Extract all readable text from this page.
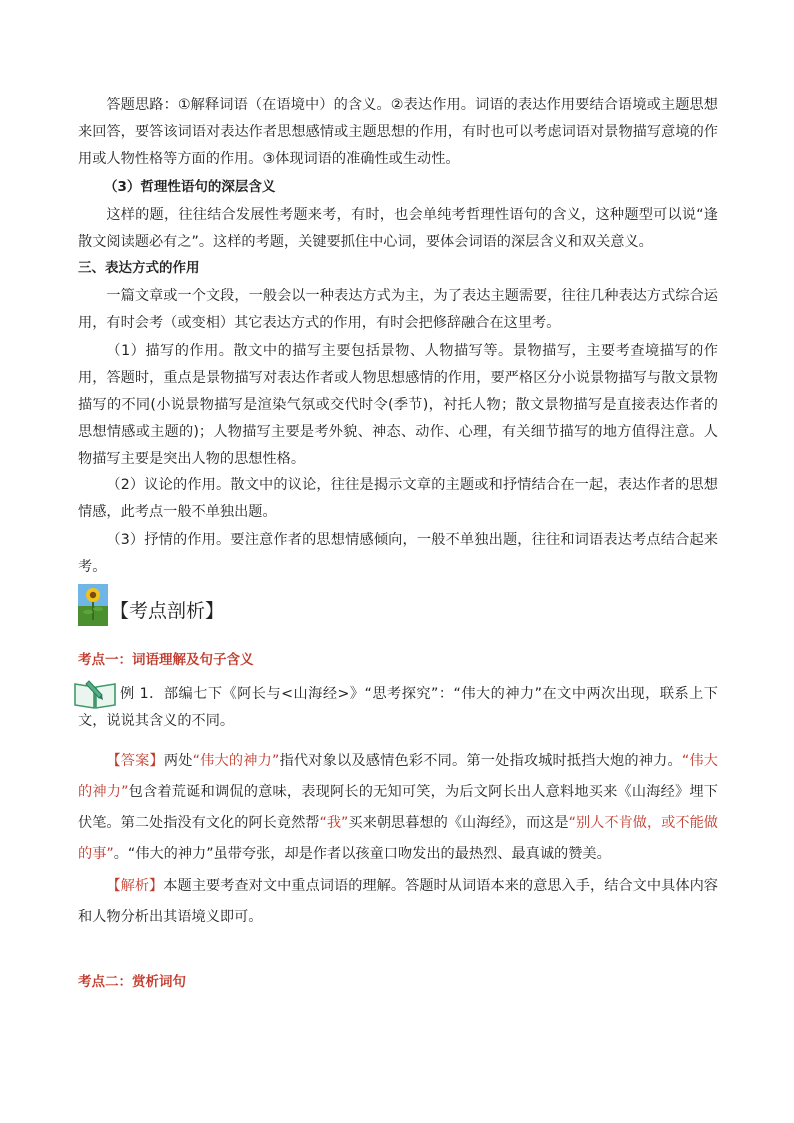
答题思路：①解释词语（在语境中）的含义。②表达作用。词语的表达作用要结合语境或主题思想来回答，要答该词语对表达作者思想感情或主题思想的作用，有时也可以考虑词语对景物描写意境的作用或人物性格等方面的作用。③体现词语的准确性或生动性。

（3）哲理性语句的深层含义

这样的题，往往结合发展性考题来考，有时，也会单纯考哲理性语句的含义，这种题型可以说“逢散文阅读题必有之”。这样的考题，关键要抓住中心词，要体会词语的深层含义和双关意义。

三、表达方式的作用

一篇文章或一个文段，一般会以一种表达方式为主，为了表达主题需要，往往几种表达方式综合运用，有时会考（或变相）其它表达方式的作用，有时会把修辞融合在这里考。

（1）描写的作用。散文中的描写主要包括景物、人物描写等。景物描写，主要考查境描写的作用，答题时，重点是景物描写对表达作者或人物思想感情的作用，要严格区分小说景物描写与散文景物描写的不同(小说景物描写是渲染气氛或交代时令(季节)，衬托人物；散文景物描写是直接表达作者的思想情感或主题的)；人物描写主要是考外貌、神态、动作、心理，有关细节描写的地方值得注意。人物描写主要是突出人物的思想性格。

（2）议论的作用。散文中的议论，往往是揭示文章的主题或和抒情结合在一起，表达作者的思想情感，此考点一般不单独出题。

（3）抒情的作用。要注意作者的思想情感倾向，一般不单独出题，往往和词语表达考点结合起来考。

【考点剖析】

考点一：词语理解及句子含义

例 1．部编七下《阿长与<山海经>》“思考探究”：“伟大的神力”在文中两次出现，联系上下文，说说其含义的不同。

【答案】两处“伟大的神力”指代对象以及感情色彩不同。第一处指攻城时抵挡大炮的神力。“伟大的神力”包含着荒诞和调侃的意味，表现阿长的无知可笑，为后文阿长出人意料地买来《山海经》埋下伏笔。第二处指没有文化的阿长竟然帮“我”买来朝思暮想的《山海经》，而这是“别人不肯做，或不能做的事”。“伟大的神力”虽带夸张，却是作者以孩童口吻发出的最热烈、最真诚的赞美。

【解析】本题主要考查对文中重点词语的理解。答题时从词语本来的意思入手，结合文中具体内容和人物分析出其语境义即可。

考点二：赏析词句
